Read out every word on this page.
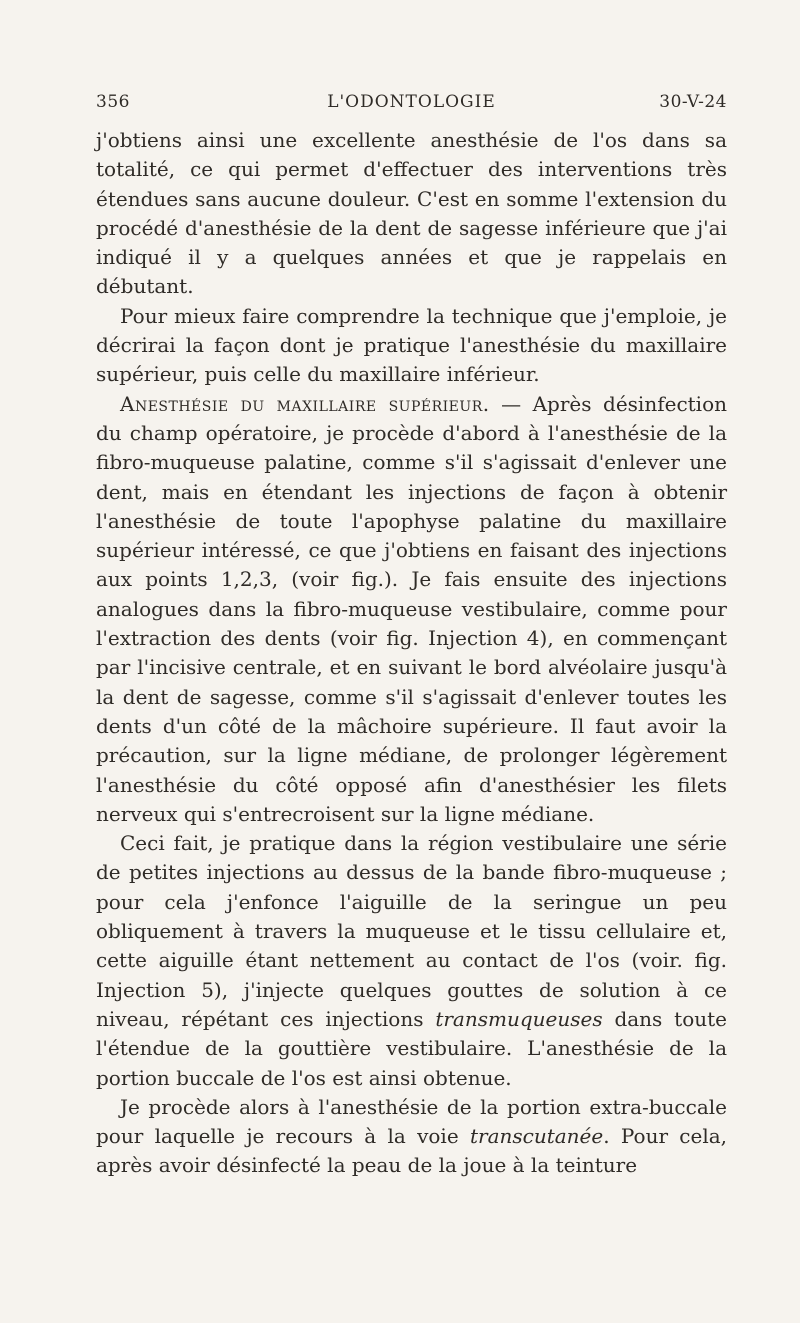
356	L'ODONTOLOGIE	30-V-24

j'obtiens ainsi une excellente anesthésie de l'os dans sa totalité, ce qui permet d'effectuer des interventions très étendues sans aucune douleur. C'est en somme l'extension du procédé d'anesthésie de la dent de sagesse inférieure que j'ai indiqué il y a quelques années et que je rappelais en débutant.

Pour mieux faire comprendre la technique que j'emploie, je décrirai la façon dont je pratique l'anesthésie du maxillaire supérieur, puis celle du maxillaire inférieur.

Anesthésie du maxillaire supérieur. — Après désinfection du champ opératoire, je procède d'abord à l'anesthésie de la fibro-muqueuse palatine, comme s'il s'agissait d'enlever une dent, mais en étendant les injections de façon à obtenir l'anesthésie de toute l'apophyse palatine du maxillaire supérieur intéressé, ce que j'obtiens en faisant des injections aux points 1,2,3, (voir fig.). Je fais ensuite des injections analogues dans la fibro-muqueuse vestibulaire, comme pour l'extraction des dents (voir fig. Injection 4), en commençant par l'incisive centrale, et en suivant le bord alvéolaire jusqu'à la dent de sagesse, comme s'il s'agissait d'enlever toutes les dents d'un côté de la mâchoire supérieure. Il faut avoir la précaution, sur la ligne médiane, de prolonger légèrement l'anesthésie du côté opposé afin d'anesthésier les filets nerveux qui s'entrecroisent sur la ligne médiane.

Ceci fait, je pratique dans la région vestibulaire une série de petites injections au dessus de la bande fibro-muqueuse ; pour cela j'enfonce l'aiguille de la seringue un peu obliquement à travers la muqueuse et le tissu cellulaire et, cette aiguille étant nettement au contact de l'os (voir. fig. Injection 5), j'injecte quelques gouttes de solution à ce niveau, répétant ces injections transmuqueuses dans toute l'étendue de la gouttière vestibulaire. L'anesthésie de la portion buccale de l'os est ainsi obtenue.

Je procède alors à l'anesthésie de la portion extra-buccale pour laquelle je recours à la voie transcutanée. Pour cela, après avoir désinfecté la peau de la joue à la teinture
